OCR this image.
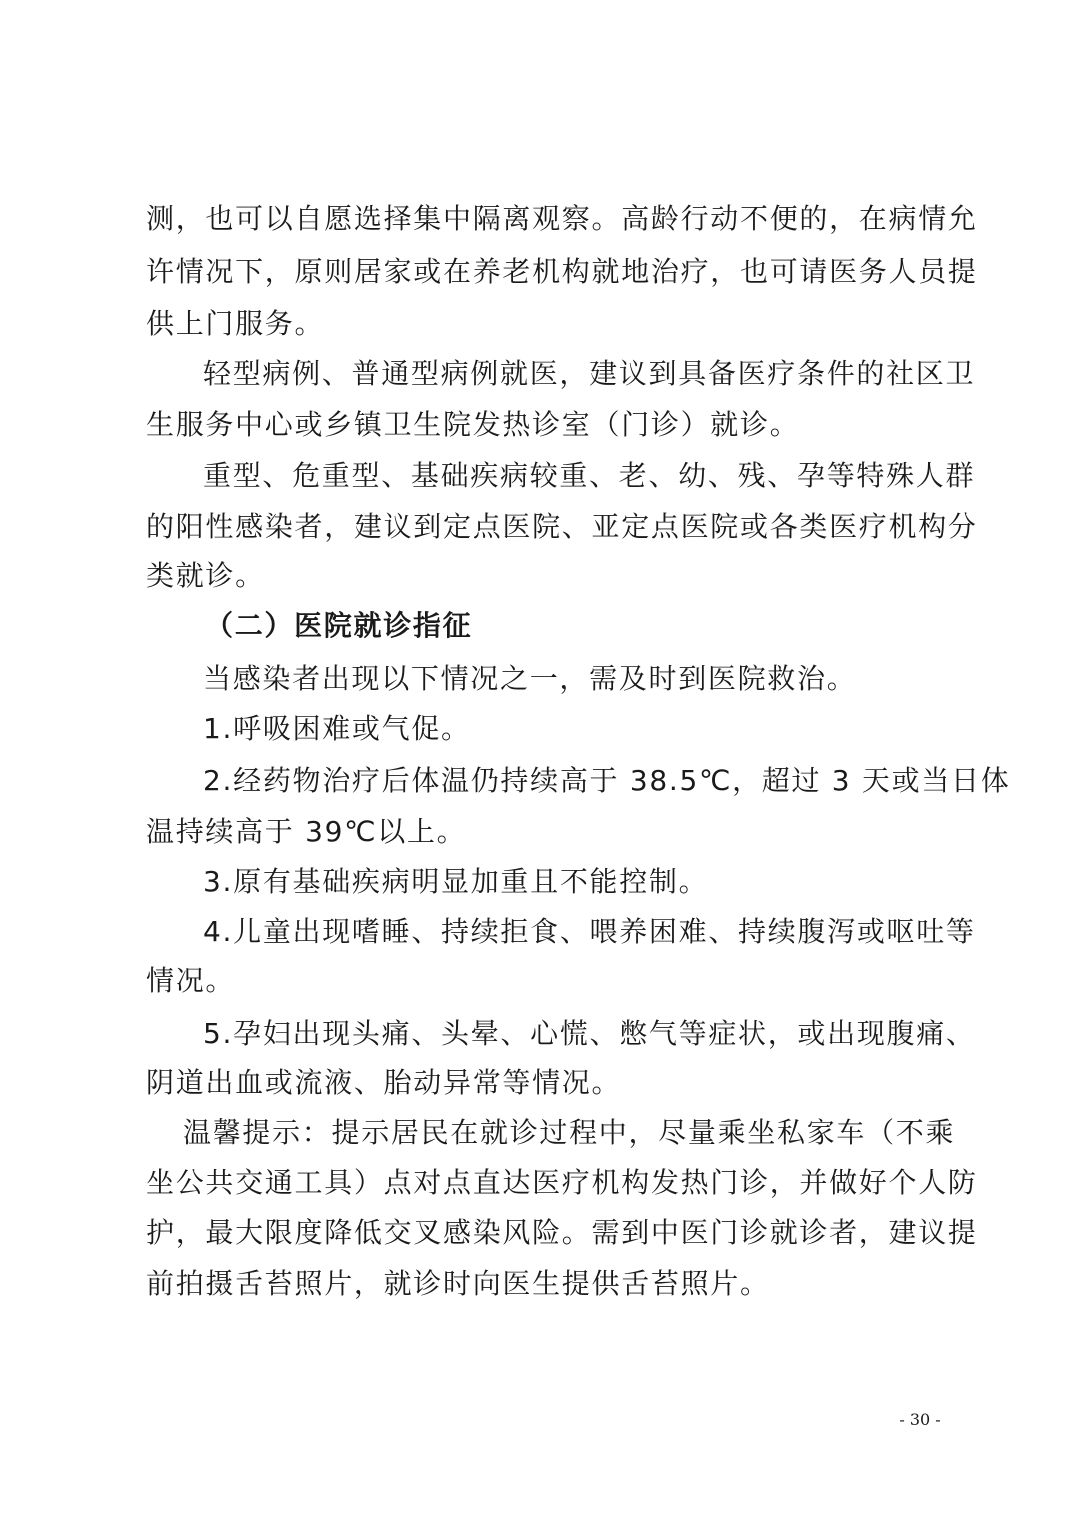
测，也可以自愿选择集中隔离观察。高龄行动不便的，在病情允
许情况下，原则居家或在养老机构就地治疗，也可请医务人员提
供上门服务。
轻型病例、普通型病例就医，建议到具备医疗条件的社区卫
生服务中心或乡镇卫生院发热诊室（门诊）就诊。
重型、危重型、基础疾病较重、老、幼、残、孕等特殊人群
的阳性感染者，建议到定点医院、亚定点医院或各类医疗机构分
类就诊。
（二）医院就诊指征
当感染者出现以下情况之一，需及时到医院救治。
1.呼吸困难或气促。
2.经药物治疗后体温仍持续高于 38.5℃，超过 3 天或当日体
温持续高于 39℃以上。
3.原有基础疾病明显加重且不能控制。
4.儿童出现嗜睡、持续拒食、喂养困难、持续腹泻或呕吐等
情况。
5.孕妇出现头痛、头晕、心慌、憋气等症状，或出现腹痛、
阴道出血或流液、胎动异常等情况。
温馨提示：提示居民在就诊过程中，尽量乘坐私家车（不乘
坐公共交通工具）点对点直达医疗机构发热门诊，并做好个人防
护，最大限度降低交叉感染风险。需到中医门诊就诊者，建议提
前拍摄舌苔照片，就诊时向医生提供舌苔照片。
- 30 -
